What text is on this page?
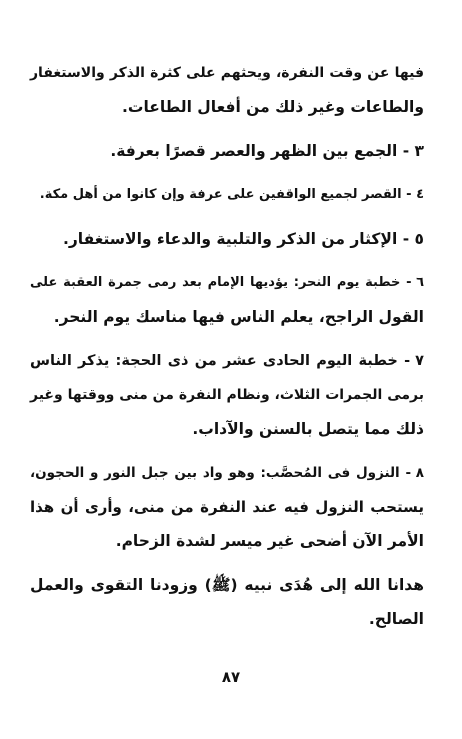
فيها عن وقت النفرة، ويحثهم على كثرة الذكر والاستغفار
والطاعات وغير ذلك من أفعال الطاعات.
٣ - الجمع بين الظهر والعصر قصرًا بعرفة.
٤ - القصر لجميع الواقفين على عرفة وإن كانوا من أهل مكة.
٥ - الإكثار من الذكر والتلبية والدعاء والاستغفار.
٦ - خطبة يوم النحر: يؤديها الإمام بعد رمى جمرة العقبة على
القول الراجح، يعلم الناس فيها مناسك يوم النحر.
٧ - خطبة اليوم الحادى عشر من ذى الحجة: يذكر الناس
برمى الجمرات الثلاث، ونظام النفرة من منى ووقتها وغير
ذلك مما يتصل بالسنن والآداب.
٨ - النزول فى المُحصَّب: وهو واد بين جبل النور و الحجون،
يستحب النزول فيه عند النفرة من منى، وأرى أن هذا
الأمر الآن أضحى غير ميسر لشدة الزحام.
هدانا الله إلى هُدَى نبيه (ﷺ) وزودنا التقوى والعمل
الصالح.
٨٧
